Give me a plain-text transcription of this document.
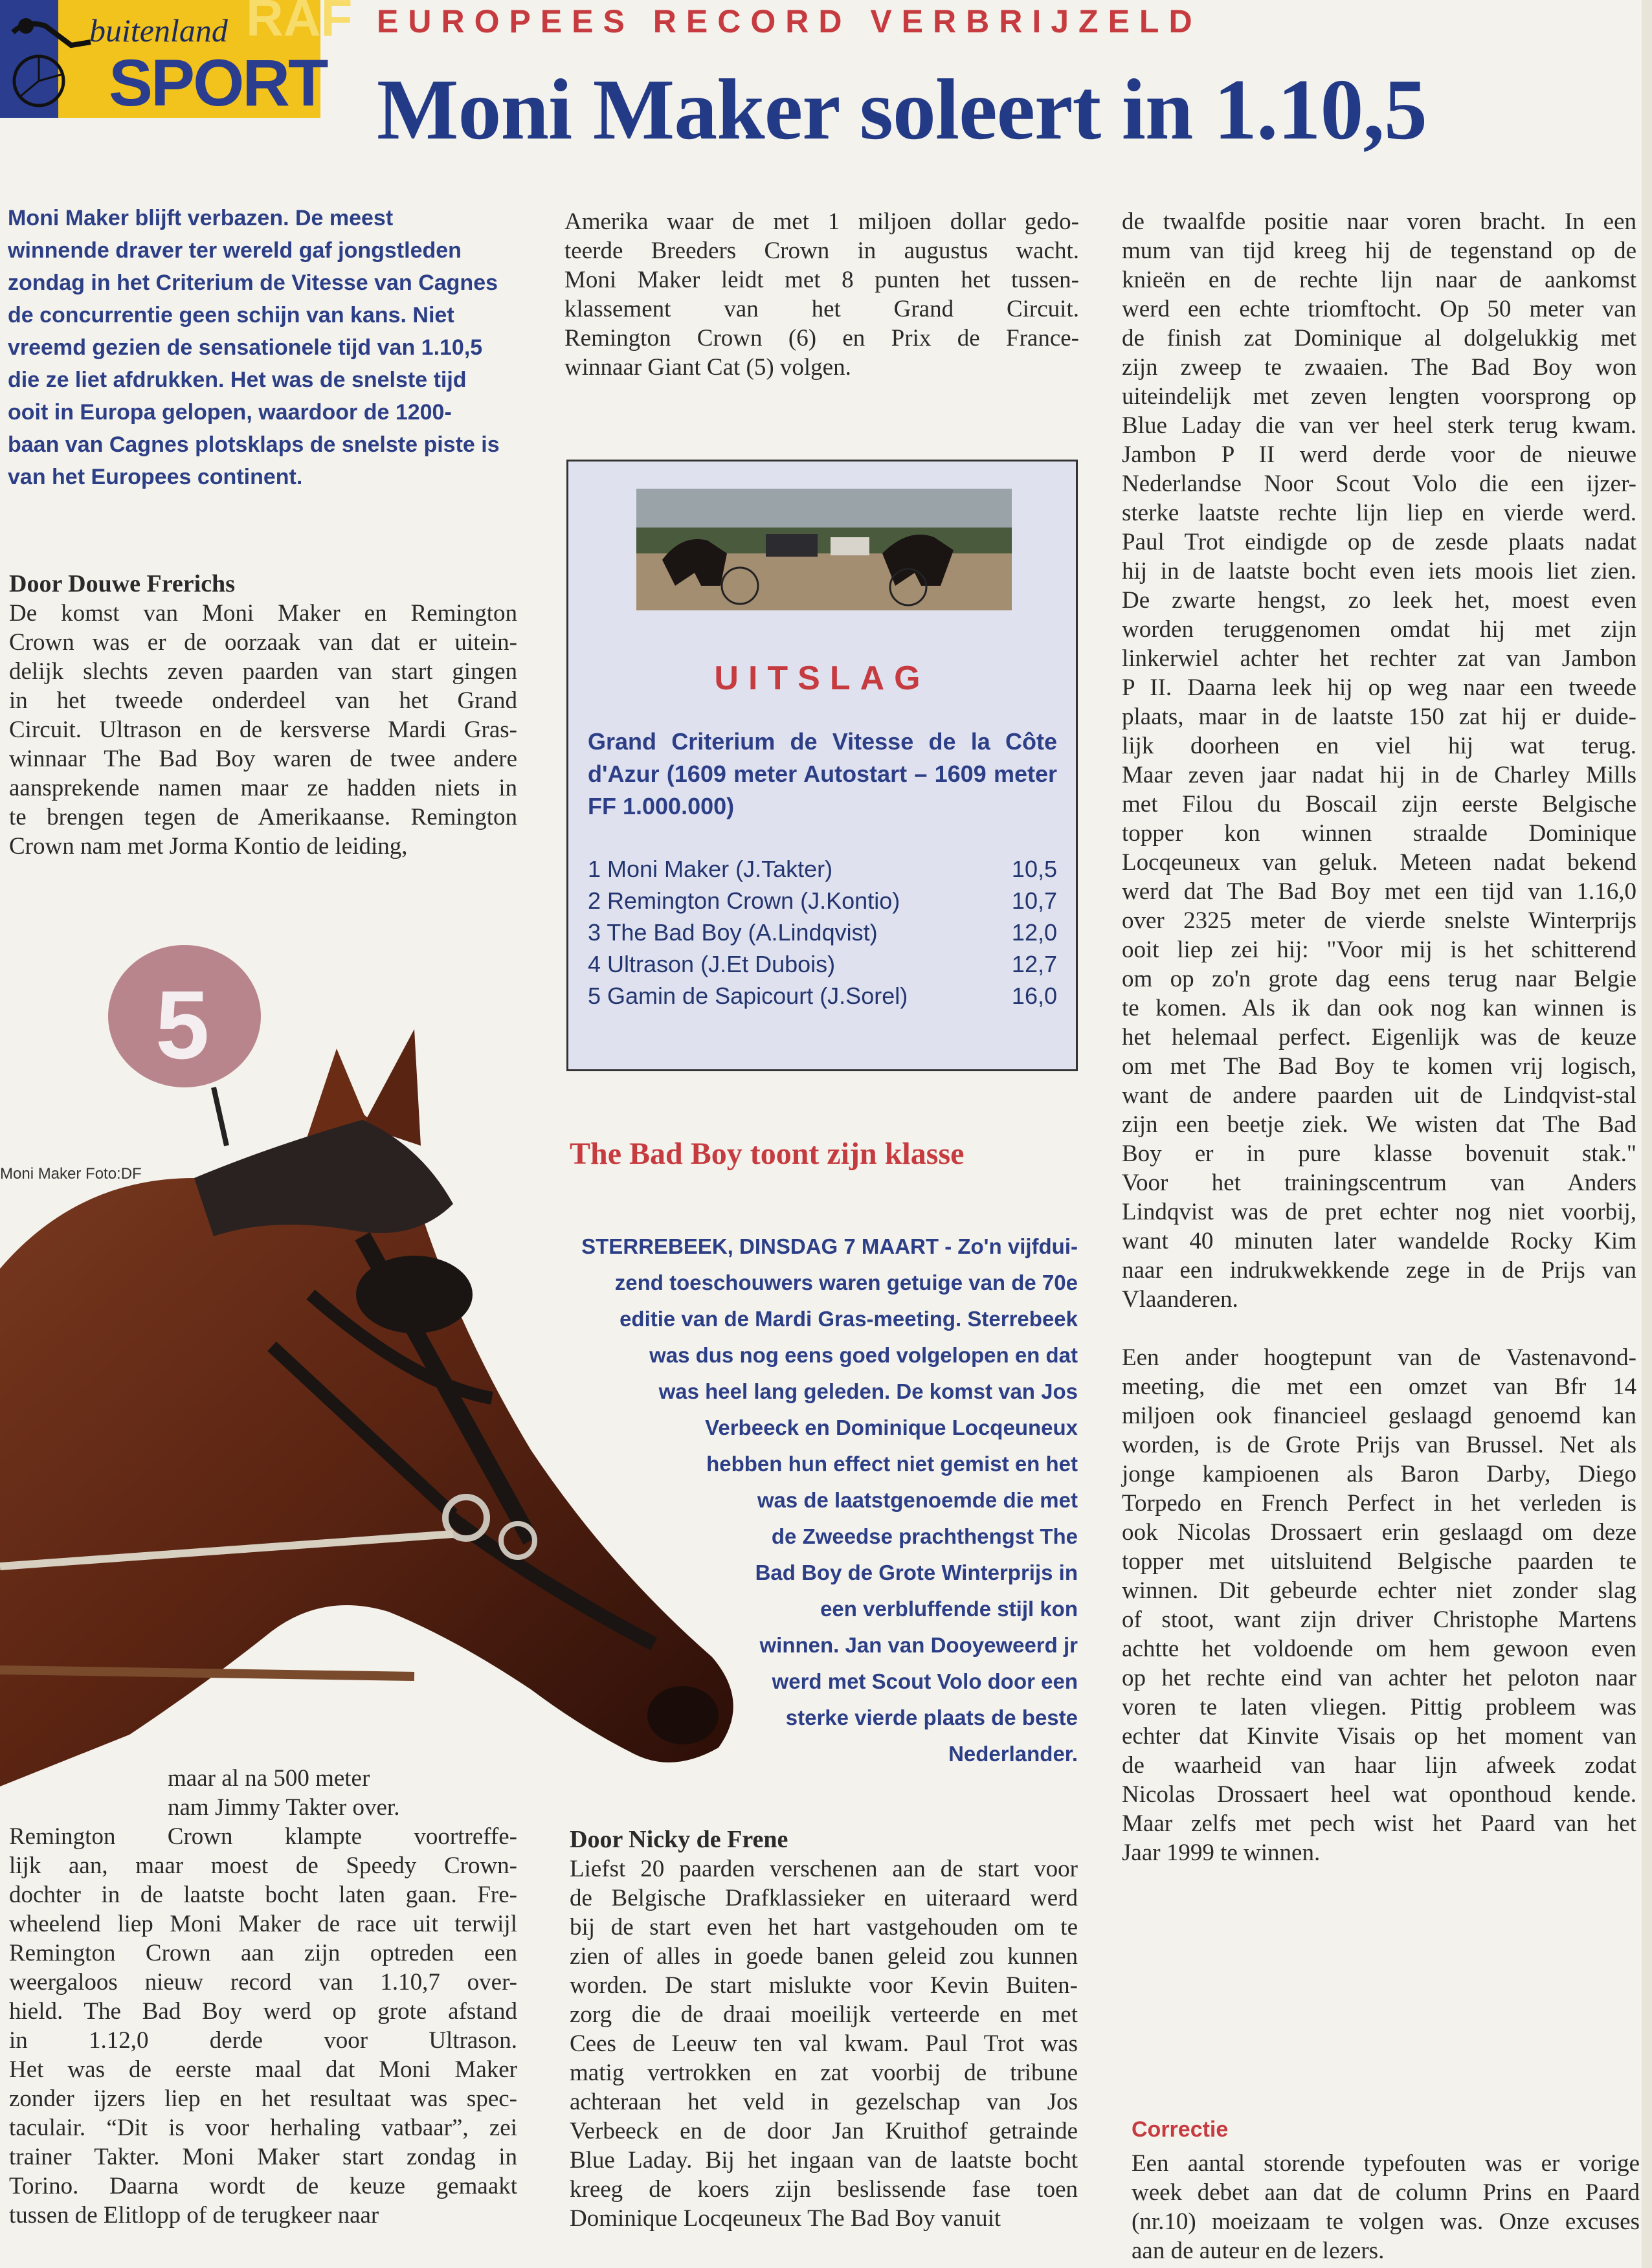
RAF
buitenland
SPORT
EUROPEES RECORD VERBRIJZELD
Moni Maker soleert in 1.10,5
Moni Maker blijft verbazen. De meest
winnende draver ter wereld gaf jongstleden
zondag in het Criterium de Vitesse van Cagnes
de concurrentie geen schijn van kans. Niet
vreemd gezien de sensationele tijd van 1.10,5
die ze liet afdrukken. Het was de snelste tijd
ooit in Europa gelopen, waardoor de 1200-
baan van Cagnes plotsklaps de snelste piste is
van het Europees continent.
Door Douwe Frerichs
De komst van Moni Maker en Remington
Crown was er de oorzaak van dat er uitein-
delijk slechts zeven paarden van start gingen
in het tweede onderdeel van het Grand
Circuit. Ultrason en de kersverse Mardi Gras-
winnaar The Bad Boy waren de twee andere
aansprekende namen maar ze hadden niets in
te brengen tegen de Amerikaanse. Remington
Crown nam met Jorma Kontio de leiding,
5
Moni Maker Foto:DF
maar al na 500 meter
nam Jimmy Takter over.
Remington Crown klampte voortreffe-
lijk aan, maar moest de Speedy Crown-
dochter in de laatste bocht laten gaan. Fre-
wheelend liep Moni Maker de race uit terwijl
Remington Crown aan zijn optreden een
weergaloos nieuw record van 1.10,7 over-
hield. The Bad Boy werd op grote afstand
in 1.12,0 derde voor Ultrason.
Het was de eerste maal dat Moni Maker
zonder ijzers liep en het resultaat was spec-
taculair. “Dit is voor herhaling vatbaar”, zei
trainer Takter. Moni Maker start zondag in
Torino. Daarna wordt de keuze gemaakt
tussen de Elitlopp of de terugkeer naar
Amerika waar de met 1 miljoen dollar gedo-
teerde Breeders Crown in augustus wacht.
Moni Maker leidt met 8 punten het tussen-
klassement van het Grand Circuit.
Remington Crown (6) en Prix de France-
winnaar Giant Cat (5) volgen.
UITSLAG
Grand Criterium de Vitesse de la Côte d'Azur (1609 meter Autostart – 1609 meter FF 1.000.000)
1 Moni Maker (J.Takter)	10,5
2 Remington Crown (J.Kontio)	10,7
3 The Bad Boy (A.Lindqvist)	12,0
4 Ultrason (J.Et Dubois)	12,7
5 Gamin de Sapicourt (J.Sorel)	16,0
The Bad Boy toont zijn klasse
STERREBEEK, DINSDAG 7 MAART - Zo'n vijfdui-
zend toeschouwers waren getuige van de 70e
editie van de Mardi Gras-meeting. Sterrebeek
was dus nog eens goed volgelopen en dat
was heel lang geleden. De komst van Jos
Verbeeck en Dominique Locqeuneux
hebben hun effect niet gemist en het
was de laatstgenoemde die met
de Zweedse prachthengst The
Bad Boy de Grote Winterprijs in
een verbluffende stijl kon
winnen. Jan van Dooyeweerd jr
werd met Scout Volo door een
sterke vierde plaats de beste
Nederlander.
Door Nicky de Frene
Liefst 20 paarden verschenen aan de start voor
de Belgische Drafklassieker en uiteraard werd
bij de start even het hart vastgehouden om te
zien of alles in goede banen geleid zou kunnen
worden. De start mislukte voor Kevin Buiten-
zorg die de draai moeilijk verteerde en met
Cees de Leeuw ten val kwam. Paul Trot was
matig vertrokken en zat voorbij de tribune
achteraan het veld in gezelschap van Jos
Verbeeck en de door Jan Kruithof getrainde
Blue Laday. Bij het ingaan van de laatste bocht
kreeg de koers zijn beslissende fase toen
Dominique Locqeuneux The Bad Boy vanuit
de twaalfde positie naar voren bracht. In een
mum van tijd kreeg hij de tegenstand op de
knieën en de rechte lijn naar de aankomst
werd een echte triomftocht. Op 50 meter van
de finish zat Dominique al dolgelukkig met
zijn zweep te zwaaien. The Bad Boy won
uiteindelijk met zeven lengten voorsprong op
Blue Laday die van ver heel sterk terug kwam.
Jambon P II werd derde voor de nieuwe
Nederlandse Noor Scout Volo die een ijzer-
sterke laatste rechte lijn liep en vierde werd.
Paul Trot eindigde op de zesde plaats nadat
hij in de laatste bocht even iets moois liet zien.
De zwarte hengst, zo leek het, moest even
worden teruggenomen omdat hij met zijn
linkerwiel achter het rechter zat van Jambon
P II. Daarna leek hij op weg naar een tweede
plaats, maar in de laatste 150 zat hij er duide-
lijk doorheen en viel hij wat terug.
Maar zeven jaar nadat hij in de Charley Mills
met Filou du Boscail zijn eerste Belgische
topper kon winnen straalde Dominique
Locqeuneux van geluk. Meteen nadat bekend
werd dat The Bad Boy met een tijd van 1.16,0
over 2325 meter de vierde snelste Winterprijs
ooit liep zei hij: "Voor mij is het schitterend
om op zo'n grote dag eens terug naar Belgie
te komen. Als ik dan ook nog kan winnen is
het helemaal perfect. Eigenlijk was de keuze
om met The Bad Boy te komen vrij logisch,
want de andere paarden uit de Lindqvist-stal
zijn een beetje ziek. We wisten dat The Bad
Boy er in pure klasse bovenuit stak."
Voor het trainingscentrum van Anders
Lindqvist was de pret echter nog niet voorbij,
want 40 minuten later wandelde Rocky Kim
naar een indrukwekkende zege in de Prijs van
Vlaanderen.
Een ander hoogtepunt van de Vastenavond-
meeting, die met een omzet van Bfr 14
miljoen ook financieel geslaagd genoemd kan
worden, is de Grote Prijs van Brussel. Net als
jonge kampioenen als Baron Darby, Diego
Torpedo en French Perfect in het verleden is
ook Nicolas Drossaert erin geslaagd om deze
topper met uitsluitend Belgische paarden te
winnen. Dit gebeurde echter niet zonder slag
of stoot, want zijn driver Christophe Martens
achtte het voldoende om hem gewoon even
op het rechte eind van achter het peloton naar
voren te laten vliegen. Pittig probleem was
echter dat Kinvite Visais op het moment van
de waarheid van haar lijn afweek zodat
Nicolas Drossaert heel wat oponthoud kende.
Maar zelfs met pech wist het Paard van het
Jaar 1999 te winnen.
Correctie
Een aantal storende typefouten was er vorige
week debet aan dat de column Prins en Paard
(nr.10) moeizaam te volgen was. Onze excuses
aan de auteur en de lezers.
